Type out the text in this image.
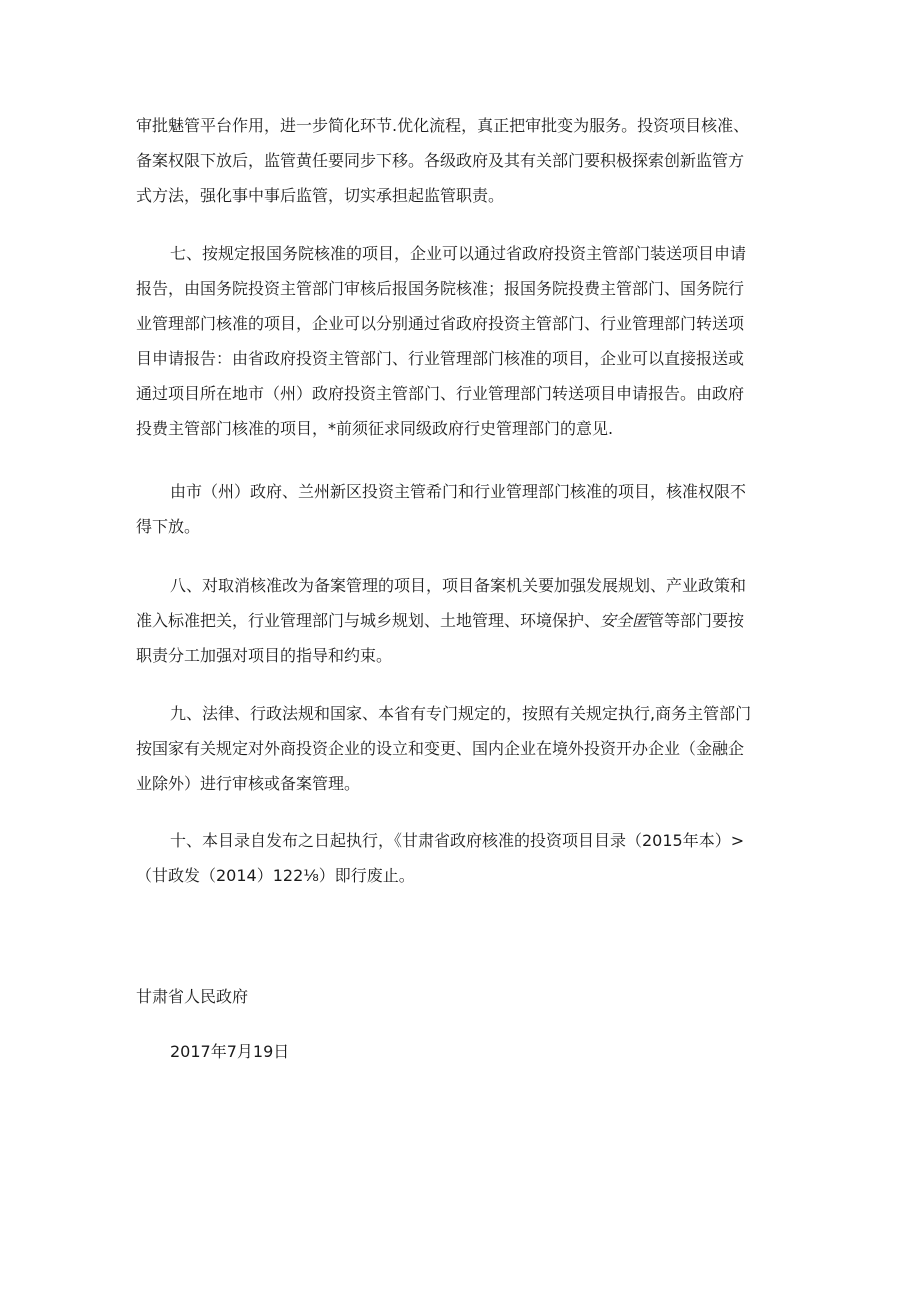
审批魅管平台作用，进一步简化环节.优化流程，真正把审批变为服务。投资项目核准、
备案权限下放后，监管黄任要同步下移。各级政府及其有关部门要积极探索创新监管方
式方法，强化事中事后监管，切实承担起监管职责。
七、按规定报国务院核准的项目，企业可以通过省政府投资主管部门装送项目申请
报告，由国务院投资主管部门审核后报国务院核准；报国务院投费主管部门、国务院行
业管理部门核准的项目，企业可以分别通过省政府投资主管部门、行业管理部门转送项
目申请报告：由省政府投资主管部门、行业管理部门核准的项目，企业可以直接报送或
通过项目所在地市（州）政府投资主管部门、行业管理部门转送项目申请报告。由政府
投费主管部门核准的项目，*前须征求同级政府行史管理部门的意见.
由市（州）政府、兰州新区投资主管希门和行业管理部门核准的项目，核准权限不
得下放。
八、对取消核准改为备案管理的项目，项目备案机关要加强发展规划、产业政策和
准入标准把关，行业管理部门与城乡规划、土地管理、环境保护、安全匿管等部门要按
职责分工加强对项目的指导和约束。
九、法律、行政法规和国家、本省有专门规定的，按照有关规定执行,商务主管部门
按国家有关规定对外商投资企业的设立和变更、国内企业在境外投资开办企业（金融企
业除外）进行审核或备案管理。
十、本目录自发布之日起执行，《甘肃省政府核准的投资项目目录（2015年本）>
（甘政发（2014）122⅛）即行废止。

甘肃省人民政府

2017年7月19日
